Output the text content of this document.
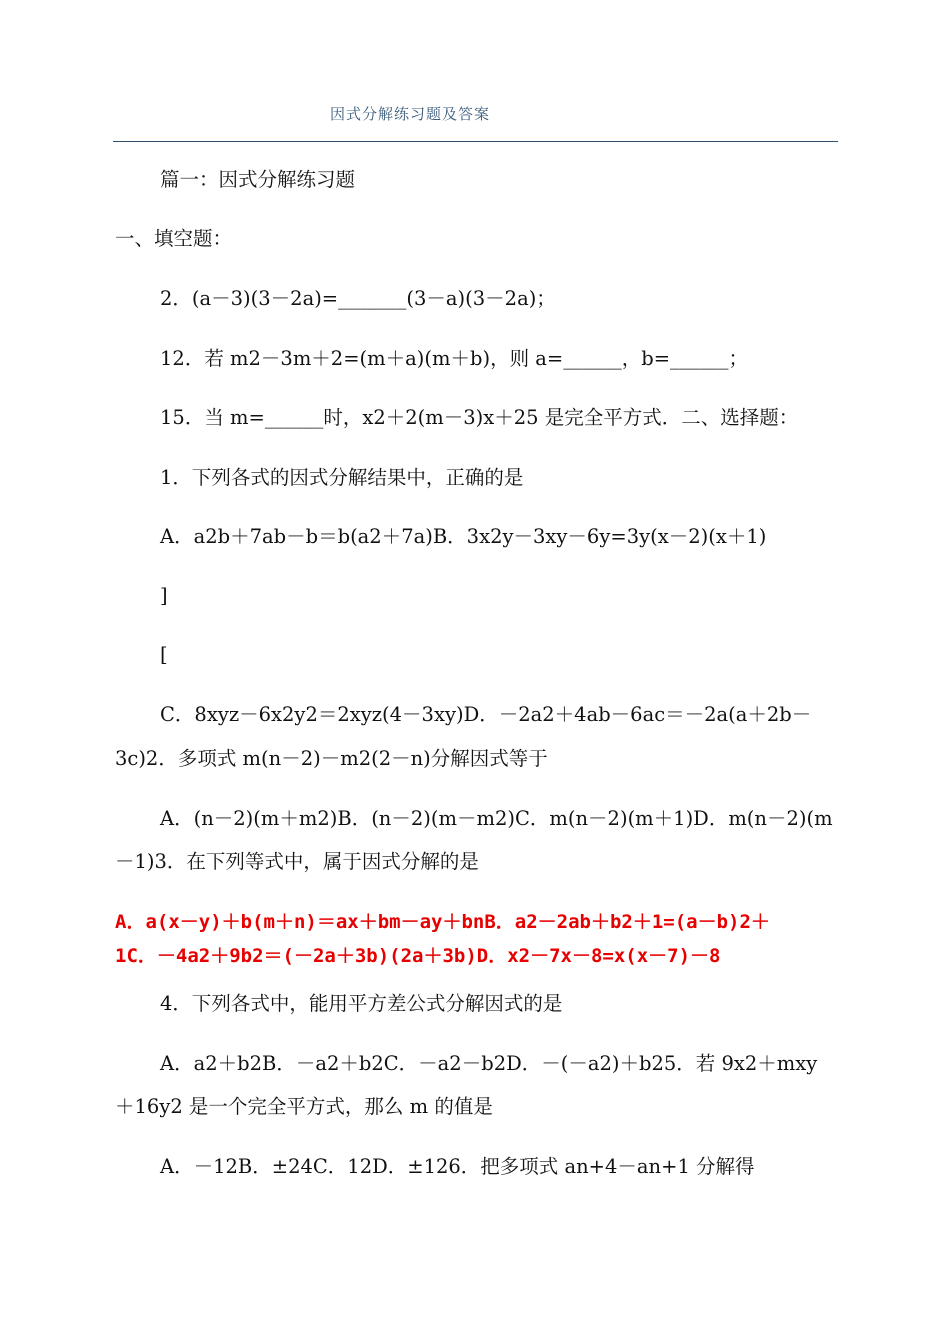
因式分解练习题及答案
篇一：因式分解练习题
一、填空题：
2．(a－3)(3－2a)=_______(3－a)(3－2a)；
12．若 m2－3m＋2=(m＋a)(m＋b)，则 a=______，b=______；
15．当 m=______时，x2＋2(m－3)x＋25 是完全平方式．二、选择题：
1．下列各式的因式分解结果中，正确的是
A．a2b＋7ab－b＝b(a2＋7a)B．3x2y－3xy－6y=3y(x－2)(x＋1)
]
[
C．8xyz－6x2y2＝2xyz(4－3xy)D．－2a2＋4ab－6ac＝－2a(a＋2b－
3c)2．多项式 m(n－2)－m2(2－n)分解因式等于
A．(n－2)(m＋m2)B．(n－2)(m－m2)C．m(n－2)(m＋1)D．m(n－2)(m
－1)3．在下列等式中，属于因式分解的是
A．a(x－y)＋b(m＋n)＝ax＋bm－ay＋bnB．a2－2ab＋b2＋1=(a－b)2＋
1C．－4a2＋9b2＝(－2a＋3b)(2a＋3b)D．x2－7x－8=x(x－7)－8
4．下列各式中，能用平方差公式分解因式的是
A．a2＋b2B．－a2＋b2C．－a2－b2D．－(－a2)＋b25．若 9x2＋mxy
＋16y2 是一个完全平方式，那么 m 的值是
A．－12B．±24C．12D．±126．把多项式 an+4－an+1 分解得
